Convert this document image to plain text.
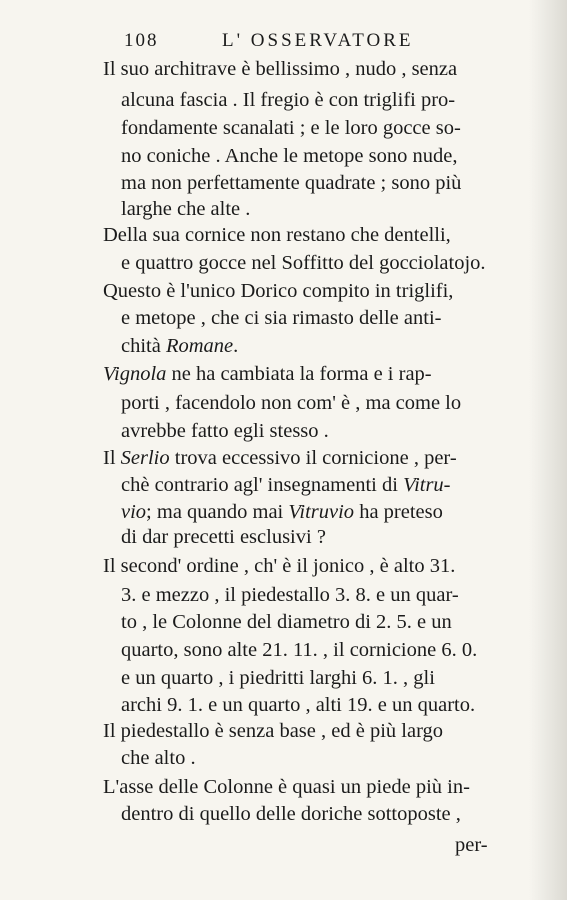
108	L' OSSERVATORE
Il suo architrave è bellissimo , nudo , senza
alcuna fascia . Il fregio è con triglifi pro-
fondamente scanalati ; e le loro gocce so-
no coniche . Anche le metope sono nude,
ma non perfettamente quadrate ; sono più
larghe che alte .
Della sua cornice non restano che dentelli,
e quattro gocce nel Soffitto del gocciolatojo.
Questo è l'unico Dorico compito in triglifi,
e metope , che ci sia rimasto delle anti-
chità Romane.
Vignola ne ha cambiata la forma e i rap-
porti , facendolo non com' è , ma come lo
avrebbe fatto egli stesso .
Il Serlio trova eccessivo il cornicione , per-
chè contrario agl' insegnamenti di Vitru-
vio; ma quando mai Vitruvio ha preteso
di dar precetti esclusivi ?
Il second' ordine , ch' è il jonico , è alto 31.
3. e mezzo , il piedestallo 3. 8. e un quar-
to , le Colonne del diametro di 2. 5. e un
quarto, sono alte 21. 11. , il cornicione 6. 0.
e un quarto , i piedritti larghi 6. 1. , gli
archi 9. 1. e un quarto , alti 19. e un quarto.
Il piedestallo è senza base , ed è più largo
che alto .
L'asse delle Colonne è quasi un piede più in-
dentro di quello delle doriche sottoposte ,
per-
